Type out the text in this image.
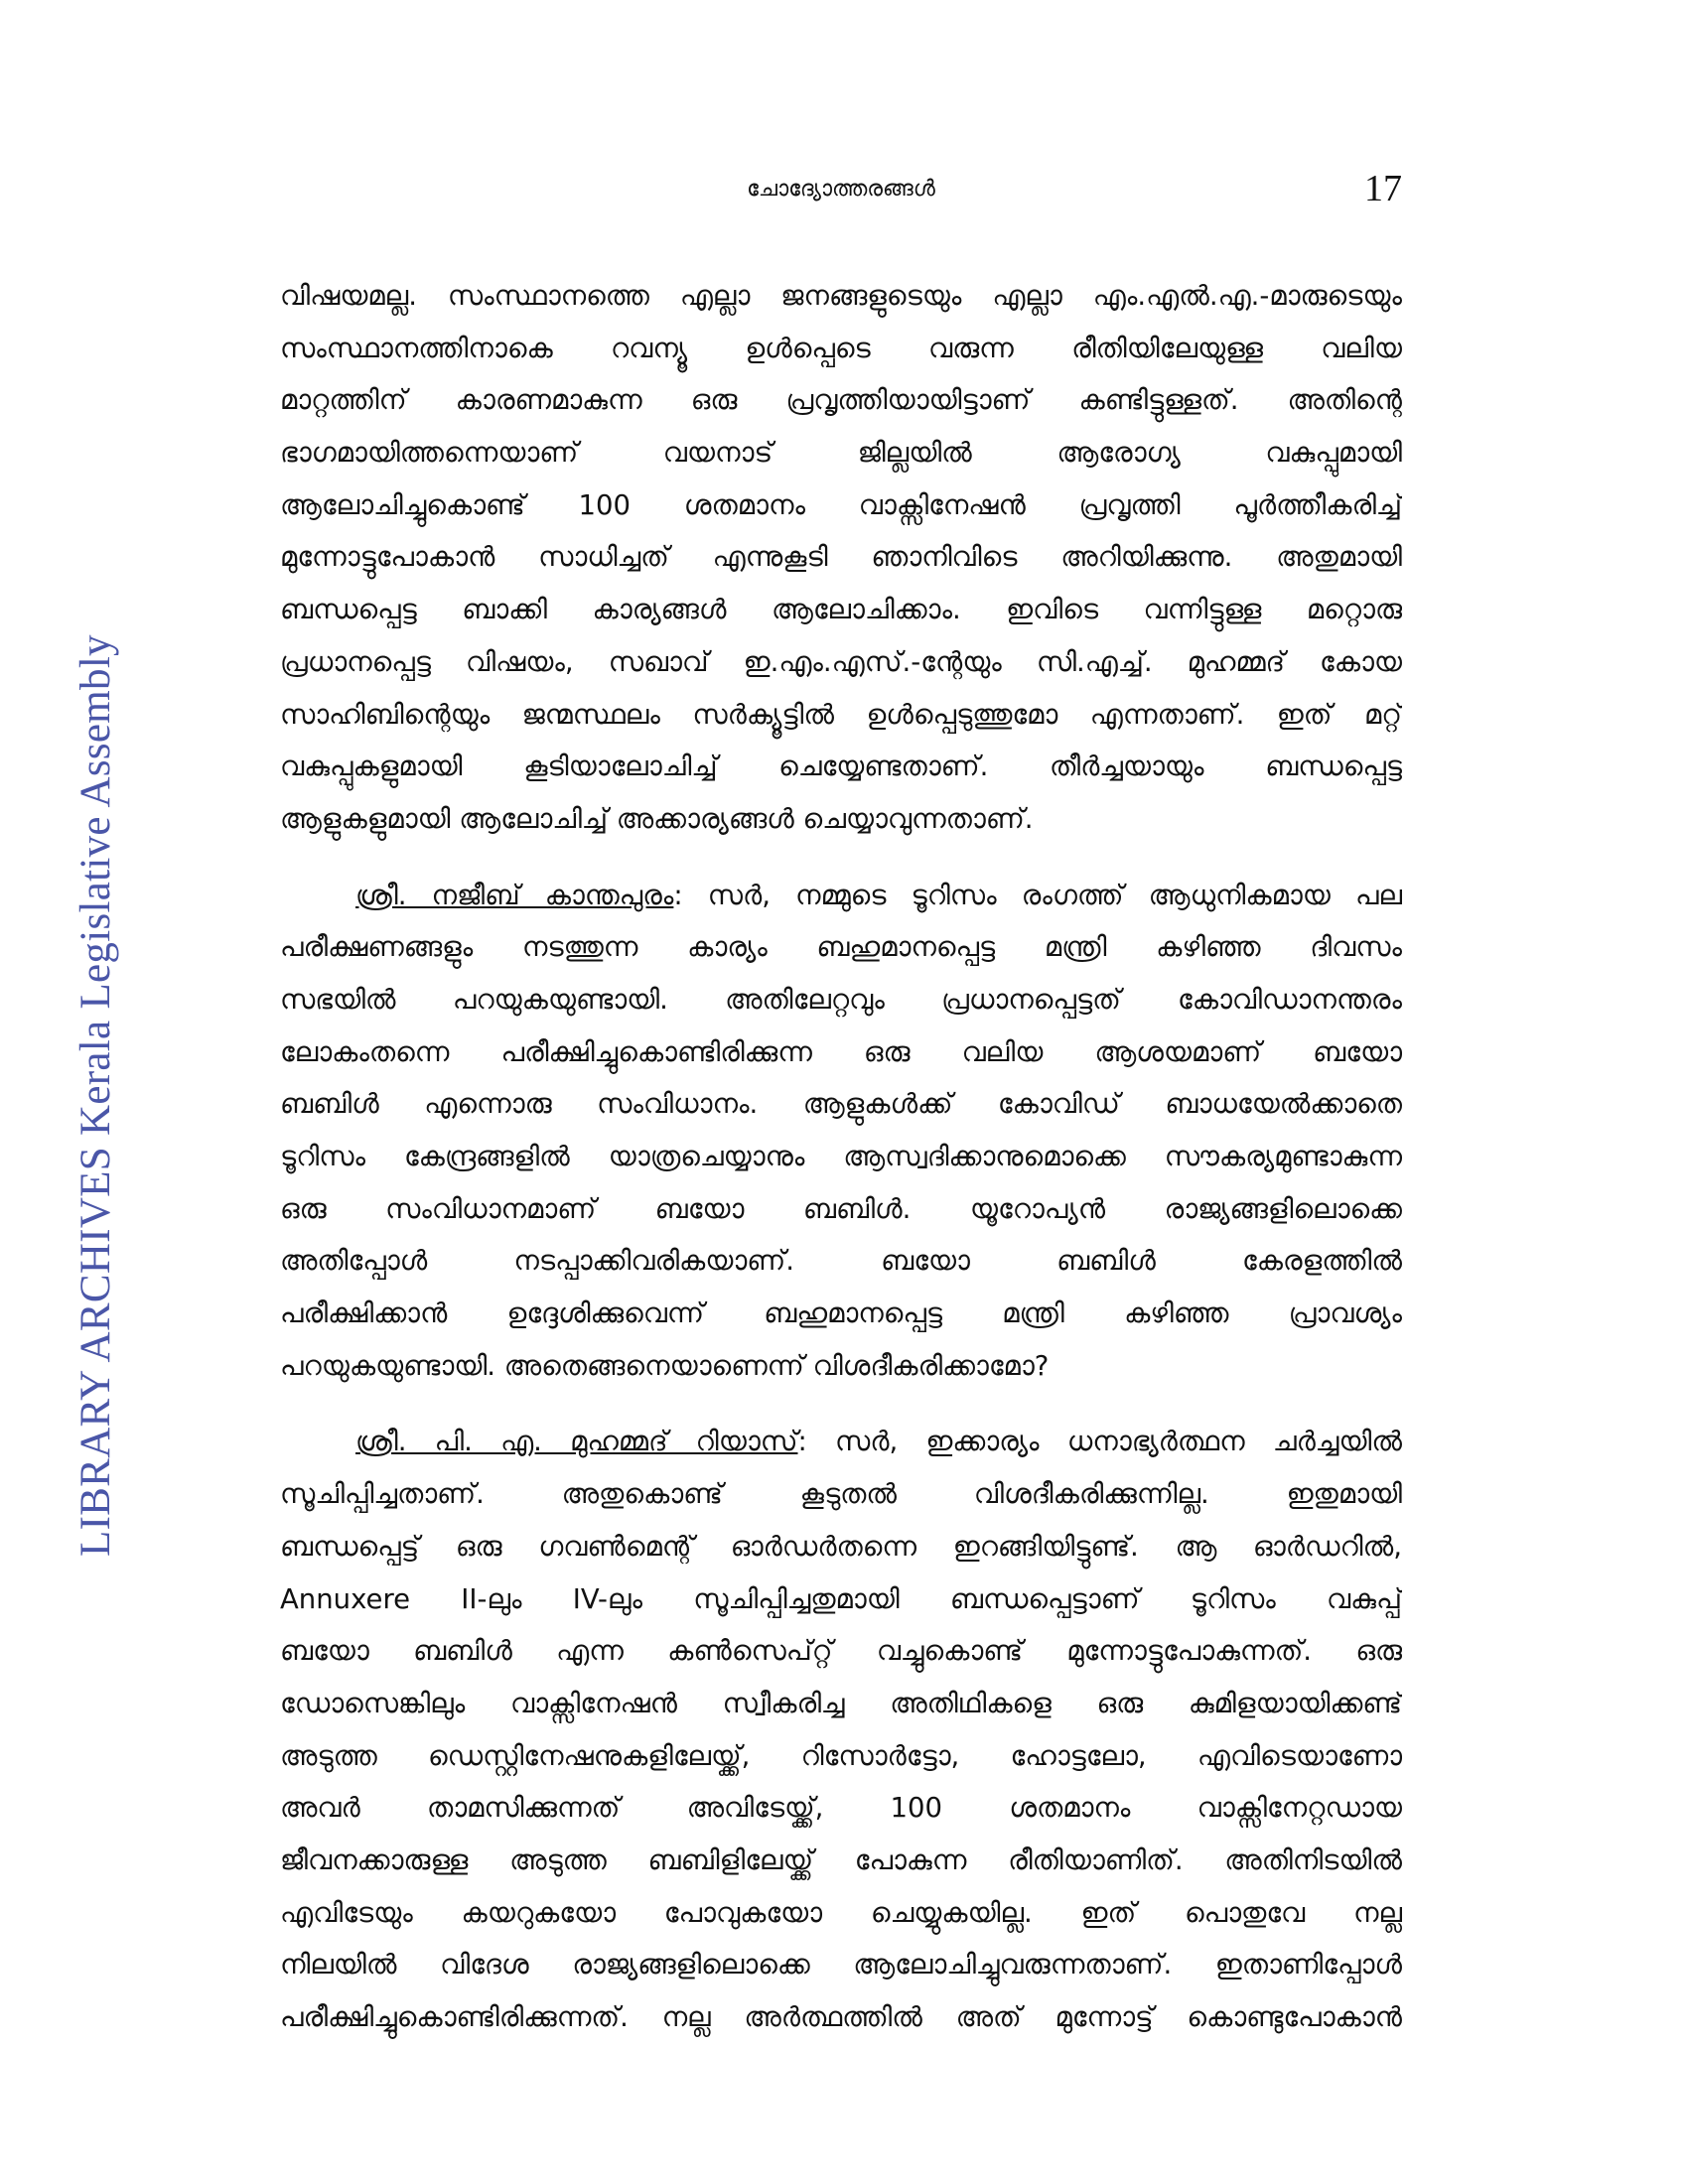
ചോദ്യോത്തരങ്ങൾ	17
LIBRARY ARCHIVES Kerala Legislative Assembly
വിഷയമല്ല. സംസ്ഥാനത്തെ എല്ലാ ജനങ്ങളുടെയും എല്ലാ എം.എൽ.എ.-മാരുടെയും
സംസ്ഥാനത്തിനാകെ റവന്യൂ ഉൾപ്പെടെ വരുന്ന രീതിയിലേയുള്ള വലിയ
മാറ്റത്തിന് കാരണമാകുന്ന ഒരു പ്രവൃത്തിയായിട്ടാണ് കണ്ടിട്ടുള്ളത്. അതിന്റെ
ഭാഗമായിത്തന്നെയാണ് വയനാട് ജില്ലയിൽ ആരോഗ്യ വകുപ്പുമായി
ആലോചിച്ചുകൊണ്ട് 100 ശതമാനം വാക്സിനേഷൻ പ്രവൃത്തി പൂർത്തീകരിച്ച്
മുന്നോട്ടുപോകാൻ സാധിച്ചത് എന്നുകൂടി ഞാനിവിടെ അറിയിക്കുന്നു. അതുമായി
ബന്ധപ്പെട്ട ബാക്കി കാര്യങ്ങൾ ആലോചിക്കാം. ഇവിടെ വന്നിട്ടുള്ള മറ്റൊരു
പ്രധാനപ്പെട്ട വിഷയം, സഖാവ് ഇ.എം.എസ്.-ന്റേയും സി.എച്ച്. മുഹമ്മദ് കോയ
സാഹിബിന്റെയും ജന്മസ്ഥലം സർക്യൂട്ടിൽ ഉൾപ്പെടുത്തുമോ എന്നതാണ്. ഇത് മറ്റ്
വകുപ്പുകളുമായി കൂടിയാലോചിച്ച് ചെയ്യേണ്ടതാണ്. തീർച്ചയായും ബന്ധപ്പെട്ട
ആളുകളുമായി ആലോചിച്ച് അക്കാര്യങ്ങൾ ചെയ്യാവുന്നതാണ്.
ശ്രീ. നജീബ് കാന്തപുരം: സർ, നമ്മുടെ ടൂറിസം രംഗത്ത് ആധുനികമായ പല
പരീക്ഷണങ്ങളും നടത്തുന്ന കാര്യം ബഹുമാനപ്പെട്ട മന്ത്രി കഴിഞ്ഞ ദിവസം
സഭയിൽ പറയുകയുണ്ടായി. അതിലേറ്റവും പ്രധാനപ്പെട്ടത് കോവിഡാനന്തരം
ലോകംതന്നെ പരീക്ഷിച്ചുകൊണ്ടിരിക്കുന്ന ഒരു വലിയ ആശയമാണ് ബയോ
ബബിൾ എന്നൊരു സംവിധാനം. ആളുകൾക്ക് കോവിഡ് ബാധയേൽക്കാതെ
ടൂറിസം കേന്ദ്രങ്ങളിൽ യാത്രചെയ്യാനും ആസ്വദിക്കാനുമൊക്കെ സൗകര്യമുണ്ടാകുന്ന
ഒരു സംവിധാനമാണ് ബയോ ബബിൾ. യൂറോപ്യൻ രാജ്യങ്ങളിലൊക്കെ
അതിപ്പോൾ നടപ്പാക്കിവരികയാണ്. ബയോ ബബിൾ കേരളത്തിൽ
പരീക്ഷിക്കാൻ ഉദ്ദേശിക്കുവെന്ന് ബഹുമാനപ്പെട്ട മന്ത്രി കഴിഞ്ഞ പ്രാവശ്യം
പറയുകയുണ്ടായി. അതെങ്ങനെയാണെന്ന് വിശദീകരിക്കാമോ?
ശ്രീ. പി. എ. മുഹമ്മദ് റിയാസ്: സർ, ഇക്കാര്യം ധനാഭ്യർത്ഥന ചർച്ചയിൽ
സൂചിപ്പിച്ചതാണ്. അതുകൊണ്ട് കൂടുതൽ വിശദീകരിക്കുന്നില്ല. ഇതുമായി
ബന്ധപ്പെട്ട് ഒരു ഗവൺമെന്റ് ഓർഡർതന്നെ ഇറങ്ങിയിട്ടുണ്ട്. ആ ഓർഡറിൽ,
Annuxere II-ലും IV-ലും സൂചിപ്പിച്ചതുമായി ബന്ധപ്പെട്ടാണ് ടൂറിസം വകുപ്പ്
ബയോ ബബിൾ എന്ന കൺസെപ്റ്റ് വച്ചുകൊണ്ട് മുന്നോട്ടുപോകുന്നത്. ഒരു
ഡോസെങ്കിലും വാക്സിനേഷൻ സ്വീകരിച്ച അതിഥികളെ ഒരു കുമിളയായിക്കണ്ട്
അടുത്ത ഡെസ്റ്റിനേഷനുകളിലേയ്ക്ക്, റിസോർട്ടോ, ഹോട്ടലോ, എവിടെയാണോ
അവർ താമസിക്കുന്നത് അവിടേയ്ക്ക്, 100 ശതമാനം വാക്സിനേറ്റഡായ
ജീവനക്കാരുള്ള അടുത്ത ബബിളിലേയ്ക്ക് പോകുന്ന രീതിയാണിത്. അതിനിടയിൽ
എവിടേയും കയറുകയോ പോവുകയോ ചെയ്യുകയില്ല. ഇത് പൊതുവേ നല്ല
നിലയിൽ വിദേശ രാജ്യങ്ങളിലൊക്കെ ആലോചിച്ചുവരുന്നതാണ്. ഇതാണിപ്പോൾ
പരീക്ഷിച്ചുകൊണ്ടിരിക്കുന്നത്. നല്ല അർത്ഥത്തിൽ അത് മുന്നോട്ട് കൊണ്ടുപോകാൻ
